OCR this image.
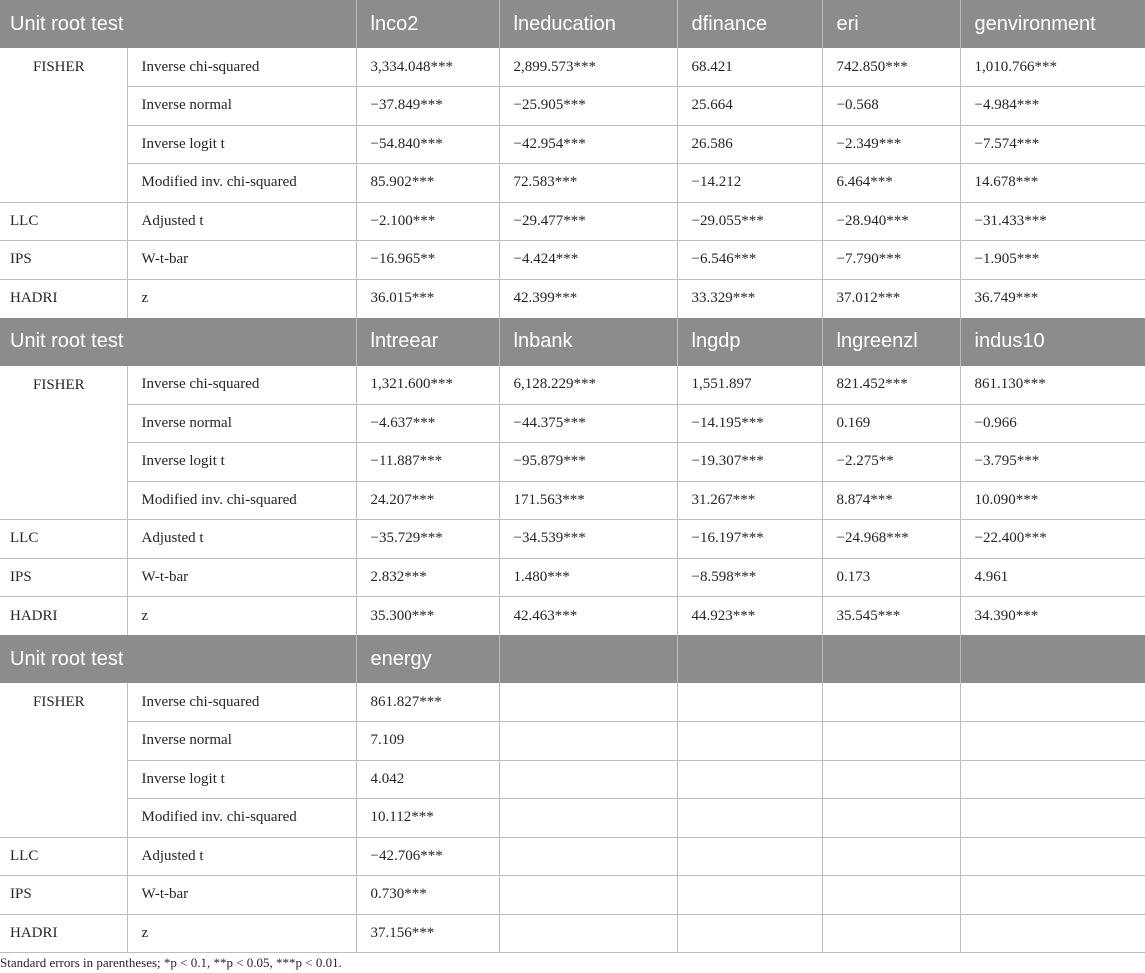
Unit root test		lnco2	lneducation	dfinance	eri	genvironment
FISHER	Inverse chi-squared	3,334.048***	2,899.573***	68.421	742.850***	1,010.766***
	Inverse normal	−37.849***	−25.905***	25.664	−0.568	−4.984***
	Inverse logit t	−54.840***	−42.954***	26.586	−2.349***	−7.574***
	Modified inv. chi-squared	85.902***	72.583***	−14.212	6.464***	14.678***
LLC	Adjusted t	−2.100***	−29.477***	−29.055***	−28.940***	−31.433***
IPS	W-t-bar	−16.965**	−4.424***	−6.546***	−7.790***	−1.905***
HADRI	z	36.015***	42.399***	33.329***	37.012***	36.749***
Unit root test		lntreear	lnbank	lngdp	lngreenzl	indus10
FISHER	Inverse chi-squared	1,321.600***	6,128.229***	1,551.897	821.452***	861.130***
	Inverse normal	−4.637***	−44.375***	−14.195***	0.169	−0.966
	Inverse logit t	−11.887***	−95.879***	−19.307***	−2.275**	−3.795***
	Modified inv. chi-squared	24.207***	171.563***	31.267***	8.874***	10.090***
LLC	Adjusted t	−35.729***	−34.539***	−16.197***	−24.968***	−22.400***
IPS	W-t-bar	2.832***	1.480***	−8.598***	0.173	4.961
HADRI	z	35.300***	42.463***	44.923***	35.545***	34.390***
Unit root test		energy				
FISHER	Inverse chi-squared	861.827***				
	Inverse normal	7.109				
	Inverse logit t	4.042				
	Modified inv. chi-squared	10.112***				
LLC	Adjusted t	−42.706***				
IPS	W-t-bar	0.730***				
HADRI	z	37.156***				
Standard errors in parentheses; *p < 0.1, **p < 0.05, ***p < 0.01.
